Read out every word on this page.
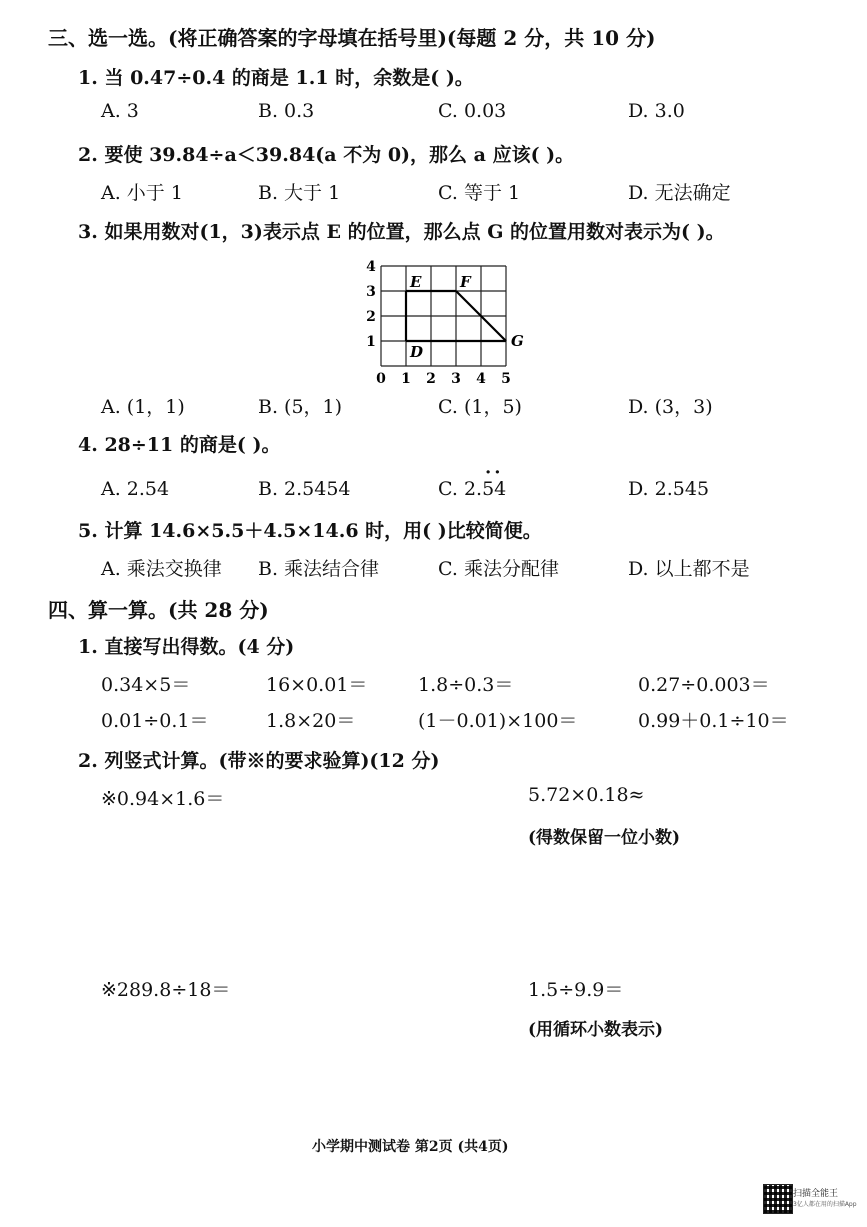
三、选一选。(将正确答案的字母填在括号里)(每题 2 分，共 10 分)
1. 当 0.47÷0.4 的商是 1.1 时，余数是( )。
A. 3	B. 0.3	C. 0.03	D. 3.0
2. 要使 39.84÷a＜39.84(a 不为 0)，那么 a 应该( )。
A. 小于 1	B. 大于 1	C. 等于 1	D. 无法确定
3. 如果用数对(1，3)表示点 E 的位置，那么点 G 的位置用数对表示为( )。
0 1 2 3 4 5
1
2
3
4
E	F
G
D
A. (1，1)	B. (5，1)	C. (1，5)	D. (3，3)
4. 28÷11 的商是( )。
A. 2.54	B. 2.5454
··
C. 2.54	D. 2.545
5. 计算 14.6×5.5＋4.5×14.6 时，用( )比较简便。
A. 乘法交换律 B. 乘法结合律	C. 乘法分配律	D. 以上都不是
四、算一算。(共 28 分)
1. 直接写出得数。(4 分)
0.34×5＝	16×0.01＝	1.8÷0.3＝	0.27÷0.003＝
0.01÷0.1＝	1.8×20＝	(1－0.01)×100＝	0.99＋0.1÷10＝
2. 列竖式计算。(带※的要求验算)(12 分)
※0.94×1.6＝	5.72×0.18≈
(得数保留一位小数)
※289.8÷18＝	1.5÷9.9＝
(用循环小数表示)
小学期中测试卷 第2页 (共4页)
扫描全能王
3亿人都在用的扫描App
